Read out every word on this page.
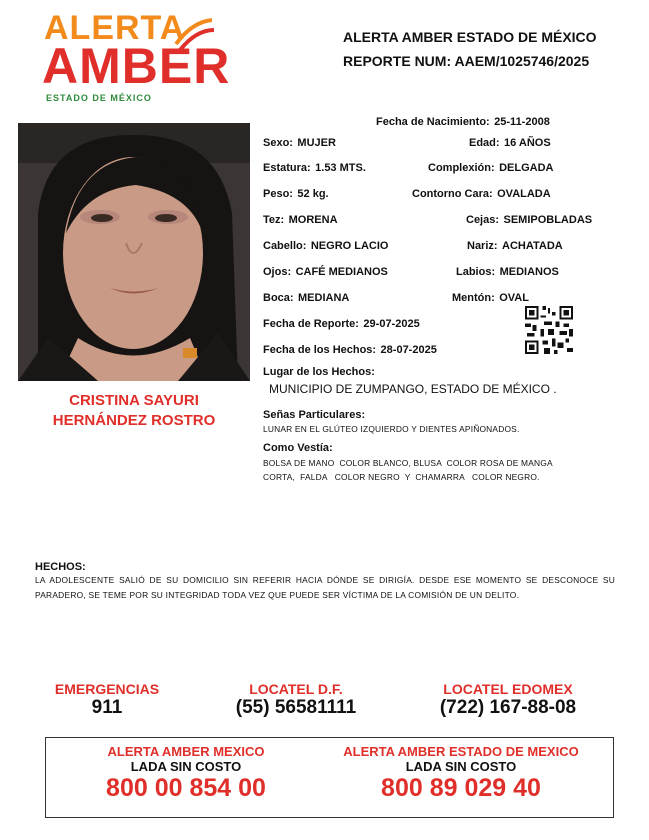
ALERTA
AMBER
ESTADO DE MÉXICO
ALERTA AMBER ESTADO DE MÉXICO
REPORTE NUM: AAEM/1025746/2025
CRISTINA SAYURI
HERNÁNDEZ ROSTRO
Fecha de Nacimiento: 25-11-2008
Sexo: MUJER	Edad: 16 AÑOS
Estatura: 1.53 MTS.	Complexión: DELGADA
Peso: 52 kg.	Contorno Cara: OVALADA
Tez: MORENA	Cejas: SEMIPOBLADAS
Cabello: NEGRO LACIO	Nariz: ACHATADA
Ojos: CAFÉ MEDIANOS	Labios: MEDIANOS
Boca: MEDIANA	Mentón: OVAL
Fecha de Reporte: 29-07-2025
Fecha de los Hechos: 28-07-2025
Lugar de los Hechos:
MUNICIPIO DE ZUMPANGO, ESTADO DE MÉXICO .
Señas Particulares:
LUNAR EN EL GLÚTEO IZQUIERDO Y DIENTES APIÑONADOS.
Como Vestía:
BOLSA DE MANO  COLOR BLANCO, BLUSA  COLOR ROSA DE MANGA
CORTA,  FALDA   COLOR NEGRO  Y  CHAMARRA   COLOR NEGRO.
HECHOS:
LA ADOLESCENTE SALIÓ DE SU DOMICILIO SIN REFERIR HACIA DÓNDE SE DIRIGÍA. DESDE ESE MOMENTO SE DESCONOCE SU PARADERO, SE TEME POR SU INTEGRIDAD TODA VEZ QUE PUEDE SER VÍCTIMA DE LA COMISIÓN DE UN DELITO.
EMERGENCIAS
911
LOCATEL D.F.
(55) 56581111
LOCATEL EDOMEX
(722) 167-88-08
ALERTA AMBER MEXICO
LADA SIN COSTO
800 00 854 00
ALERTA AMBER ESTADO DE MEXICO
LADA SIN COSTO
800 89 029 40
